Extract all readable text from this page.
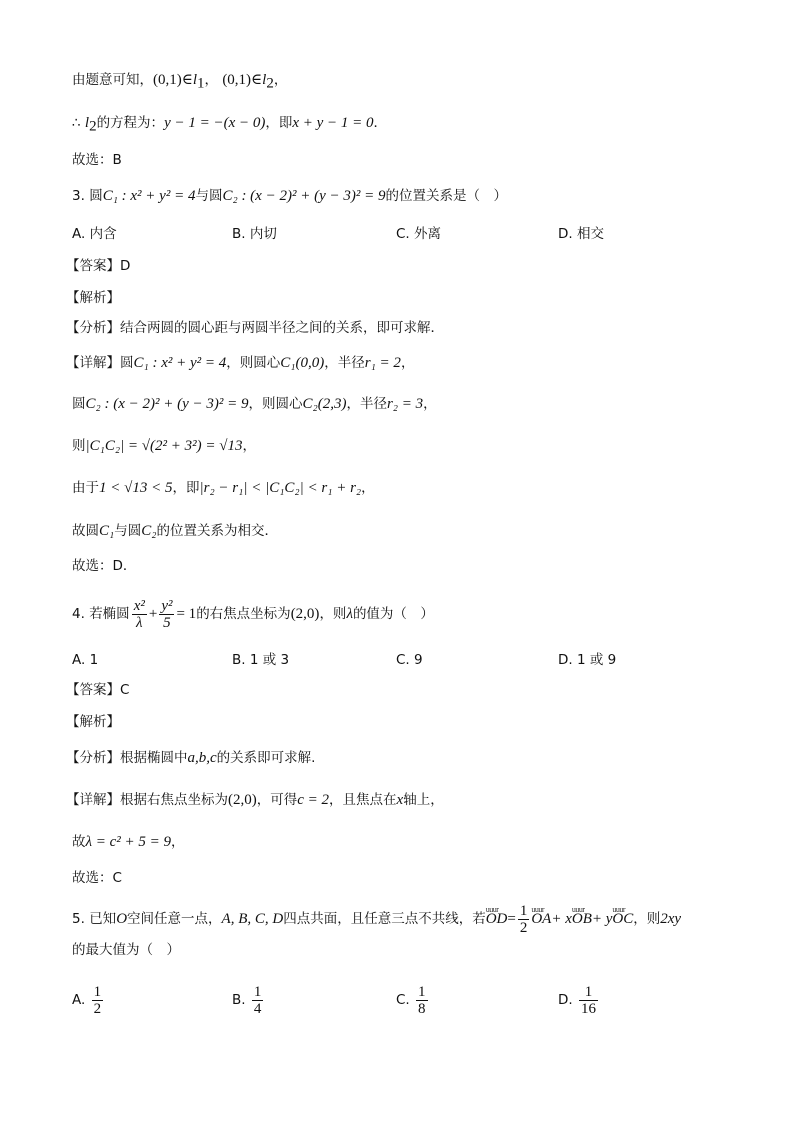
由题意可知，$(0,1)\in l_1$， $(0,1)\in l_2$，
∴ $l_2$的方程为：y − 1 = −(x − 0)，即x + y − 1 = 0．
故选：B
3. 圆C₁ : x² + y² = 4与圆C₂ : (x − 2)² + (y − 3)² = 9的位置关系是（　）
A. 内含	B. 内切	C. 外离	D. 相交
【答案】D
【解析】
【分析】结合两圆的圆心距与两圆半径之间的关系，即可求解．
【详解】圆C₁ : x² + y² = 4，则圆心C₁(0,0)，半径r₁ = 2，
圆C₂ : (x − 2)² + (y − 3)² = 9，则圆心C₂(2,3)，半径r₂ = 3，
则|C₁C₂| = √(2² + 3²) = √13，
由于1 < √13 < 5，即|r₂ − r₁| < |C₁C₂| < r₁ + r₂，
故圆C₁与圆C₂的位置关系为相交．
故选：D．
4. 若椭圆 $\frac{\text{x²}}{\lambda} + \frac{\text{y²}}{5} = 1$的右焦点坐标为(2,0)，则λ的值为（　）
A. 1	B. 1 或 3	C. 9	D. 1 或 9
【答案】C
【解析】
【分析】根据椭圆中a,b,c的关系即可求解.
【详解】根据右焦点坐标为(2,0)，可得c = 2，且焦点在x轴上，
故λ = c² + 5 = 9，
故选：C
5. 已知O空间任意一点，A, B, C, D四点共面，且任意三点不共线，若uuur $OD= \frac{1}{2}$
uuur OA+ xuuur OB+ yuuur OC，则2xy
的最大值为（　）
A. $\frac{1}{2}$	B. $\frac{1}{4}$	C. $\frac{1}{8}$	D. $\frac{1}{16}$
